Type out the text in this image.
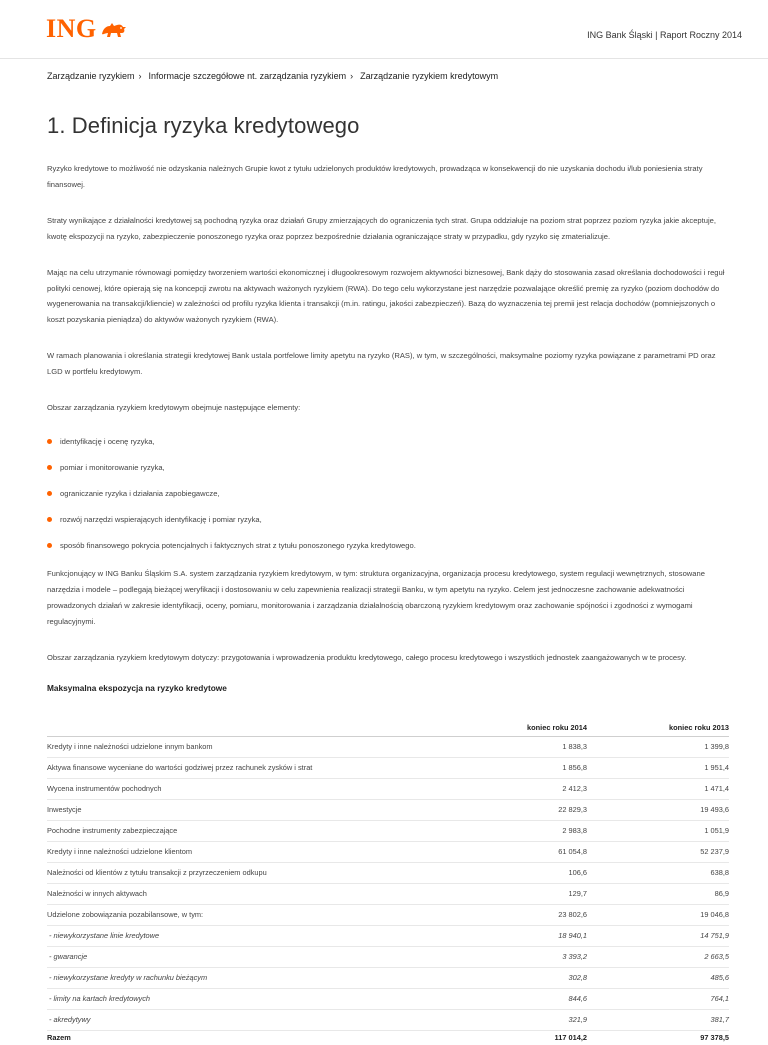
ING	ING Bank Śląski | Raport Roczny 2014
Zarządzanie ryzykiem › Informacje szczegółowe nt. zarządzania ryzykiem › Zarządzanie ryzykiem kredytowym
1. Definicja ryzyka kredytowego

Ryzyko kredytowe to możliwość nie odzyskania należnych Grupie kwot z tytułu udzielonych produktów kredytowych, prowadząca w konsekwencji do nie uzyskania dochodu i/lub poniesienia straty finansowej.

Straty wynikające z działalności kredytowej są pochodną ryzyka oraz działań Grupy zmierzających do ograniczenia tych strat. Grupa oddziałuje na poziom strat poprzez poziom ryzyka jakie akceptuje, kwotę ekspozycji na ryzyko, zabezpieczenie ponoszonego ryzyka oraz poprzez bezpośrednie działania ograniczające straty w przypadku, gdy ryzyko się zmaterializuje.

Mając na celu utrzymanie równowagi pomiędzy tworzeniem wartości ekonomicznej i długookresowym rozwojem aktywności biznesowej, Bank dąży do stosowania zasad określania dochodowości i reguł polityki cenowej, które opierają się na koncepcji zwrotu na aktywach ważonych ryzykiem (RWA). Do tego celu wykorzystane jest narzędzie pozwalające określić premię za ryzyko (poziom dochodów do wygenerowania na transakcji/kliencie) w zależności od profilu ryzyka klienta i transakcji (m.in. ratingu, jakości zabezpieczeń). Bazą do wyznaczenia tej premii jest relacja dochodów (pomniejszonych o koszt pozyskania pieniądza) do aktywów ważonych ryzykiem (RWA).

W ramach planowania i określania strategii kredytowej Bank ustala portfelowe limity apetytu na ryzyko (RAS), w tym, w szczególności, maksymalne poziomy ryzyka powiązane z parametrami PD oraz LGD w portfelu kredytowym.

Obszar zarządzania ryzykiem kredytowym obejmuje następujące elementy:

identyfikację i ocenę ryzyka,
pomiar i monitorowanie ryzyka,
ograniczanie ryzyka i działania zapobiegawcze,
rozwój narzędzi wspierających identyfikację i pomiar ryzyka,
sposób finansowego pokrycia potencjalnych i faktycznych strat z tytułu ponoszonego ryzyka kredytowego.

Funkcjonujący w ING Banku Śląskim S.A. system zarządzania ryzykiem kredytowym, w tym: struktura organizacyjna, organizacja procesu kredytowego, system regulacji wewnętrznych, stosowane narzędzia i modele – podlegają bieżącej weryfikacji i dostosowaniu w celu zapewnienia realizacji strategii Banku, w tym apetytu na ryzyko. Celem jest jednoczesne zachowanie adekwatności prowadzonych działań w zakresie identyfikacji, oceny, pomiaru, monitorowania i zarządzania działalnością obarczoną ryzykiem kredytowym oraz zachowanie spójności i zgodności z wymogami regulacyjnymi.

Obszar zarządzania ryzykiem kredytowym dotyczy: przygotowania i wprowadzenia produktu kredytowego, całego procesu kredytowego i wszystkich jednostek zaangażowanych w te procesy.

Maksymalna ekspozycja na ryzyko kredytowe
	koniec roku 2014	koniec roku 2013
Kredyty i inne należności udzielone innym bankom	1 838,3	1 399,8
Aktywa finansowe wyceniane do wartości godziwej przez rachunek zysków i strat	1 856,8	1 951,4
Wycena instrumentów pochodnych	2 412,3	1 471,4
Inwestycje	22 829,3	19 493,6
Pochodne instrumenty zabezpieczające	2 983,8	1 051,9
Kredyty i inne należności udzielone klientom	61 054,8	52 237,9
Należności od klientów z tytułu transakcji z przyrzeczeniem odkupu	106,6	638,8
Należności w innych aktywach	129,7	86,9
Udzielone zobowiązania pozabilansowe, w tym:	23 802,6	19 046,8
- niewykorzystane linie kredytowe	18 940,1	14 751,9
- gwarancje	3 393,2	2 663,5
- niewykorzystane kredyty w rachunku bieżącym	302,8	485,6
- limity na kartach kredytowych	844,6	764,1
- akredytywy	321,9	381,7
Razem	117 014,2	97 378,5
